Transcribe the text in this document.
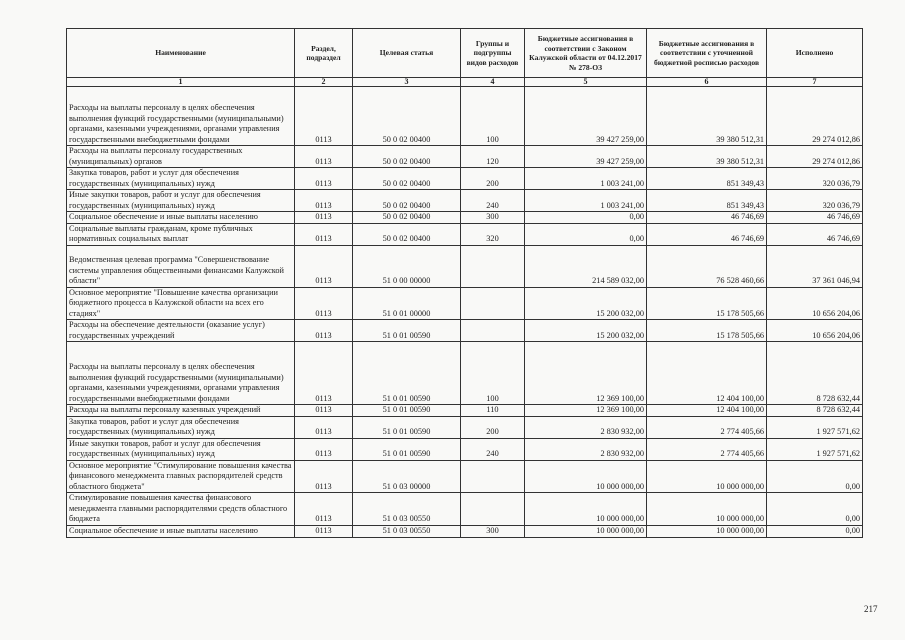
Наименование	Раздел, подраздел	Целевая статья	Группы и подгруппы видов расходов	Бюджетные ассигнования в соответствии с Законом Калужской области от 04.12.2017 № 278-ОЗ	Бюджетные ассигнования в соответствии с уточненной бюджетной росписью расходов	Исполнено
1	2	3	4	5	6	7
Расходы на выплаты персоналу в целях обеспечения выполнения функций государственными (муниципальными) органами, казенными учреждениями, органами управления государственными внебюджетными фондами	0113	50 0 02 00400	100	39 427 259,00	39 380 512,31	29 274 012,86
Расходы на выплаты персоналу государственных (муниципальных) органов	0113	50 0 02 00400	120	39 427 259,00	39 380 512,31	29 274 012,86
Закупка товаров, работ и услуг для обеспечения государственных (муниципальных) нужд	0113	50 0 02 00400	200	1 003 241,00	851 349,43	320 036,79
Иные закупки товаров, работ и услуг для обеспечения государственных (муниципальных) нужд	0113	50 0 02 00400	240	1 003 241,00	851 349,43	320 036,79
Социальное обеспечение и иные выплаты населению	0113	50 0 02 00400	300	0,00	46 746,69	46 746,69
Социальные выплаты гражданам, кроме публичных нормативных социальных выплат	0113	50 0 02 00400	320	0,00	46 746,69	46 746,69
Ведомственная целевая программа "Совершенствование системы управления общественными финансами Калужской области"	0113	51 0 00 00000		214 589 032,00	76 528 460,66	37 361 046,94
Основное мероприятие "Повышение качества организации бюджетного процесса в Калужской области на всех его стадиях"	0113	51 0 01 00000		15 200 032,00	15 178 505,66	10 656 204,06
Расходы на обеспечение деятельности (оказание услуг) государственных учреждений	0113	51 0 01 00590		15 200 032,00	15 178 505,66	10 656 204,06
Расходы на выплаты персоналу в целях обеспечения выполнения функций государственными (муниципальными) органами, казенными учреждениями, органами управления государственными внебюджетными фондами	0113	51 0 01 00590	100	12 369 100,00	12 404 100,00	8 728 632,44
Расходы на выплаты персоналу казенных учреждений	0113	51 0 01 00590	110	12 369 100,00	12 404 100,00	8 728 632,44
Закупка товаров, работ и услуг для обеспечения государственных (муниципальных) нужд	0113	51 0 01 00590	200	2 830 932,00	2 774 405,66	1 927 571,62
Иные закупки товаров, работ и услуг для обеспечения государственных (муниципальных) нужд	0113	51 0 01 00590	240	2 830 932,00	2 774 405,66	1 927 571,62
Основное мероприятие "Стимулирование повышения качества финансового менеджмента главных распорядителей средств областного бюджета"	0113	51 0 03 00000		10 000 000,00	10 000 000,00	0,00
Стимулирование повышения качества финансового менеджмента главными распорядителями средств областного бюджета	0113	51 0 03 00550		10 000 000,00	10 000 000,00	0,00
Социальное обеспечение и иные выплаты населению	0113	51 0 03 00550	300	10 000 000,00	10 000 000,00	0,00
217
